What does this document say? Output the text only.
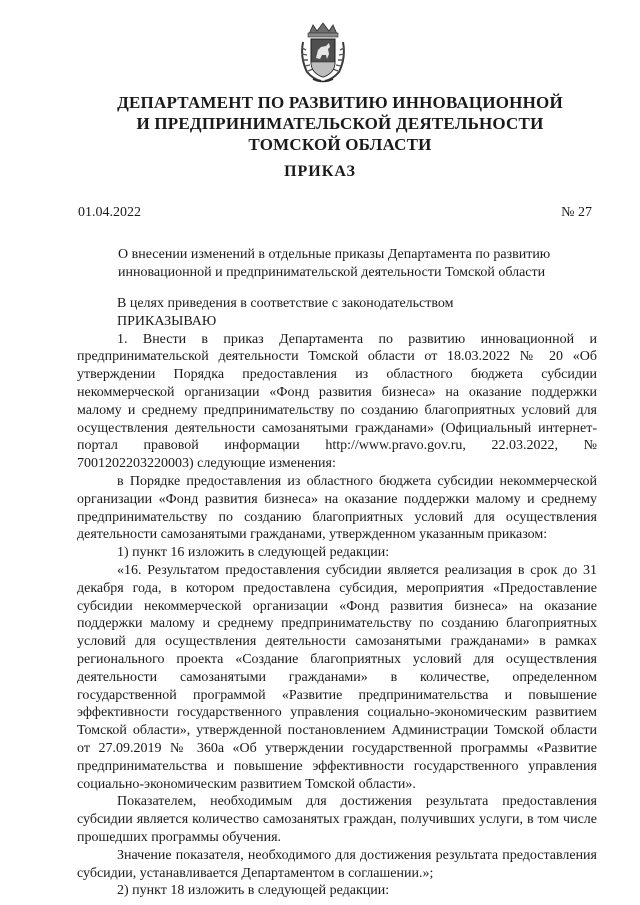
ДЕПАРТАМЕНТ ПО РАЗВИТИЮ ИННОВАЦИОННОЙ
И ПРЕДПРИНИМАТЕЛЬСКОЙ ДЕЯТЕЛЬНОСТИ
ТОМСКОЙ ОБЛАСТИ
ПРИКАЗ
01.04.2022	№ 27
О внесении изменений в отдельные приказы Департамента по развитию инновационной и предпринимательской деятельности Томской области

В целях приведения в соответствие с законодательством

ПРИКАЗЫВАЮ

1. Внести в приказ Департамента по развитию инновационной и предпринимательской деятельности Томской области от 18.03.2022 № 20 «Об утверждении Порядка предоставления из областного бюджета субсидии некоммерческой организации «Фонд развития бизнеса» на оказание поддержки малому и среднему предпринимательству по созданию благоприятных условий для осуществления деятельности самозанятыми гражданами» (Официальный интернет-портал правовой информации http://www.pravo.gov.ru, 22.03.2022, № 7001202203220003) следующие изменения:

в Порядке предоставления из областного бюджета субсидии некоммерческой организации «Фонд развития бизнеса» на оказание поддержки малому и среднему предпринимательству по созданию благоприятных условий для осуществления деятельности самозанятыми гражданами, утвержденном указанным приказом:

1) пункт 16 изложить в следующей редакции:

«16. Результатом предоставления субсидии является реализация в срок до 31 декабря года, в котором предоставлена субсидия, мероприятия «Предоставление субсидии некоммерческой организации «Фонд развития бизнеса» на оказание поддержки малому и среднему предпринимательству по созданию благоприятных условий для осуществления деятельности самозанятыми гражданами» в рамках регионального проекта «Создание благоприятных условий для осуществления деятельности самозанятыми гражданами» в количестве, определенном государственной программой «Развитие предпринимательства и повышение эффективности государственного управления социально-экономическим развитием Томской области», утвержденной постановлением Администрации Томской области от 27.09.2019 № 360а «Об утверждении государственной программы «Развитие предпринимательства и повышение эффективности государственного управления социально-экономическим развитием Томской области».

Показателем, необходимым для достижения результата предоставления субсидии является количество самозанятых граждан, получивших услуги, в том числе прошедших программы обучения.

Значение показателя, необходимого для достижения результата предоставления субсидии, устанавливается Департаментом в соглашении.»;

2) пункт 18 изложить в следующей редакции:
